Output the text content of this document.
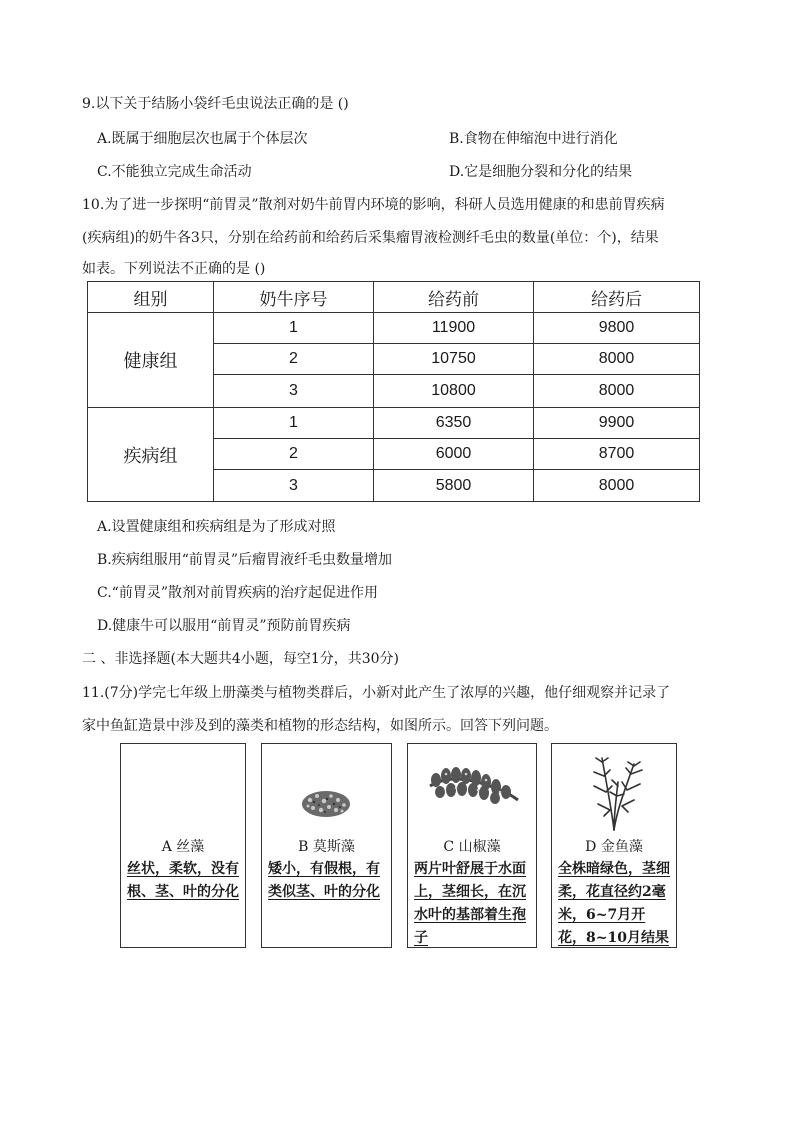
9.以下关于结肠小袋纤毛虫说法正确的是 ()
A.既属于细胞层次也属于个体层次	B.食物在伸缩泡中进行消化
C.不能独立完成生命活动	D.它是细胞分裂和分化的结果
10.为了进一步探明“前胃灵”散剂对奶牛前胃内环境的影响，科研人员选用健康的和患前胃疾病
(疾病组)的奶牛各3只，分别在给药前和给药后采集瘤胃液检测纤毛虫的数量(单位：个)，结果
如表。下列说法不正确的是 ()
组别	奶牛序号	给药前	给药后
健康组	1	11900	9800
	2	10750	8000
	3	10800	8000
疾病组	1	6350	9900
	2	6000	8700
	3	5800	8000
A.设置健康组和疾病组是为了形成对照
B.疾病组服用“前胃灵”后瘤胃液纤毛虫数量增加
C.“前胃灵”散剂对前胃疾病的治疗起促进作用
D.健康牛可以服用“前胃灵”预防前胃疾病
二 、非选择题(本大题共4小题，每空1分，共30分)
11.(7分)学完七年级上册藻类与植物类群后，小新对此产生了浓厚的兴趣，他仔细观察并记录了
家中鱼缸造景中涉及到的藻类和植物的形态结构，如图所示。回答下列问题。
A 丝藻
丝状，柔软，没有根、茎、叶的分化
B 莫斯藻
矮小，有假根，有类似茎、叶的分化
C 山椒藻
两片叶舒展于水面上，茎细长，在沉水叶的基部着生孢子
D 金鱼藻
全株暗绿色，茎细柔，花直径约2毫米，6~7月开花，8~10月结果
